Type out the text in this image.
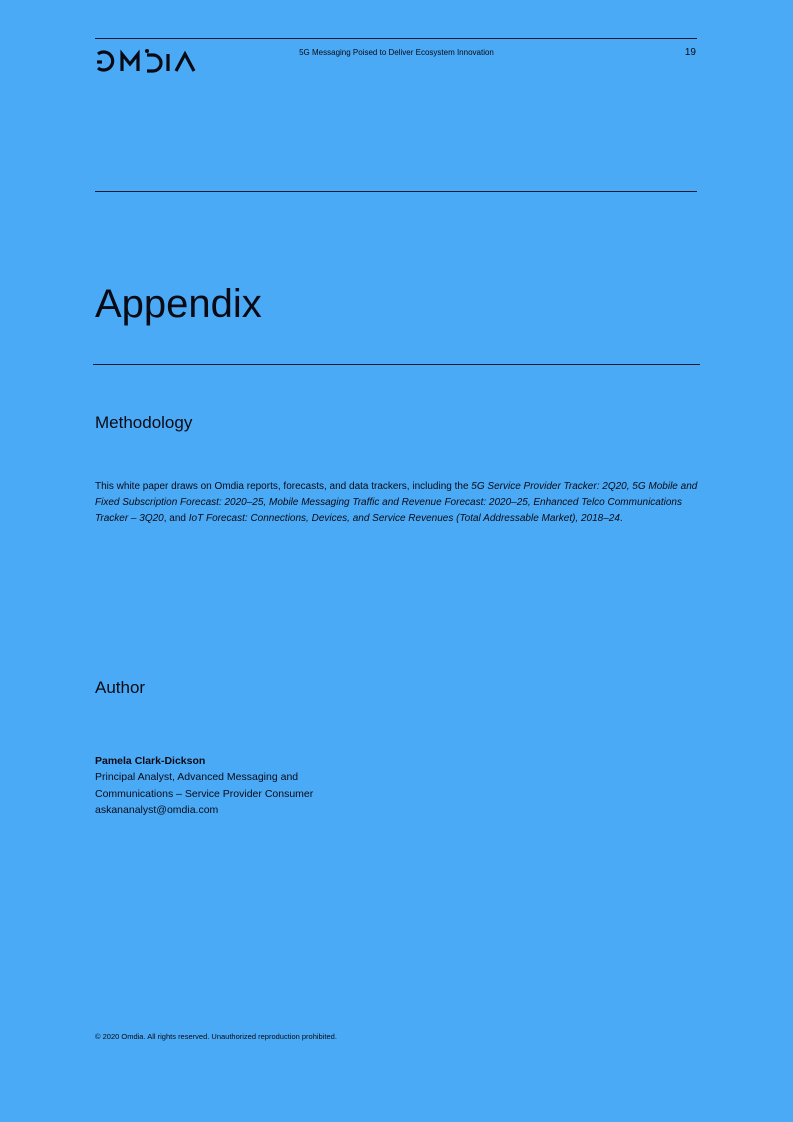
OMDIA	5G Messaging Poised to Deliver Ecosystem Innovation	19
Appendix
Methodology

This white paper draws on Omdia reports, forecasts, and data trackers, including the 5G Service Provider Tracker: 2Q20, 5G Mobile and Fixed Subscription Forecast: 2020–25, Mobile Messaging Traffic and Revenue Forecast: 2020–25, Enhanced Telco Communications Tracker – 3Q20, and IoT Forecast: Connections, Devices, and Service Revenues (Total Addressable Market), 2018–24.

Author
Pamela Clark-Dickson
Principal Analyst, Advanced Messaging and
Communications – Service Provider Consumer
askananalyst@omdia.com
© 2020 Omdia. All rights reserved. Unauthorized reproduction prohibited.
